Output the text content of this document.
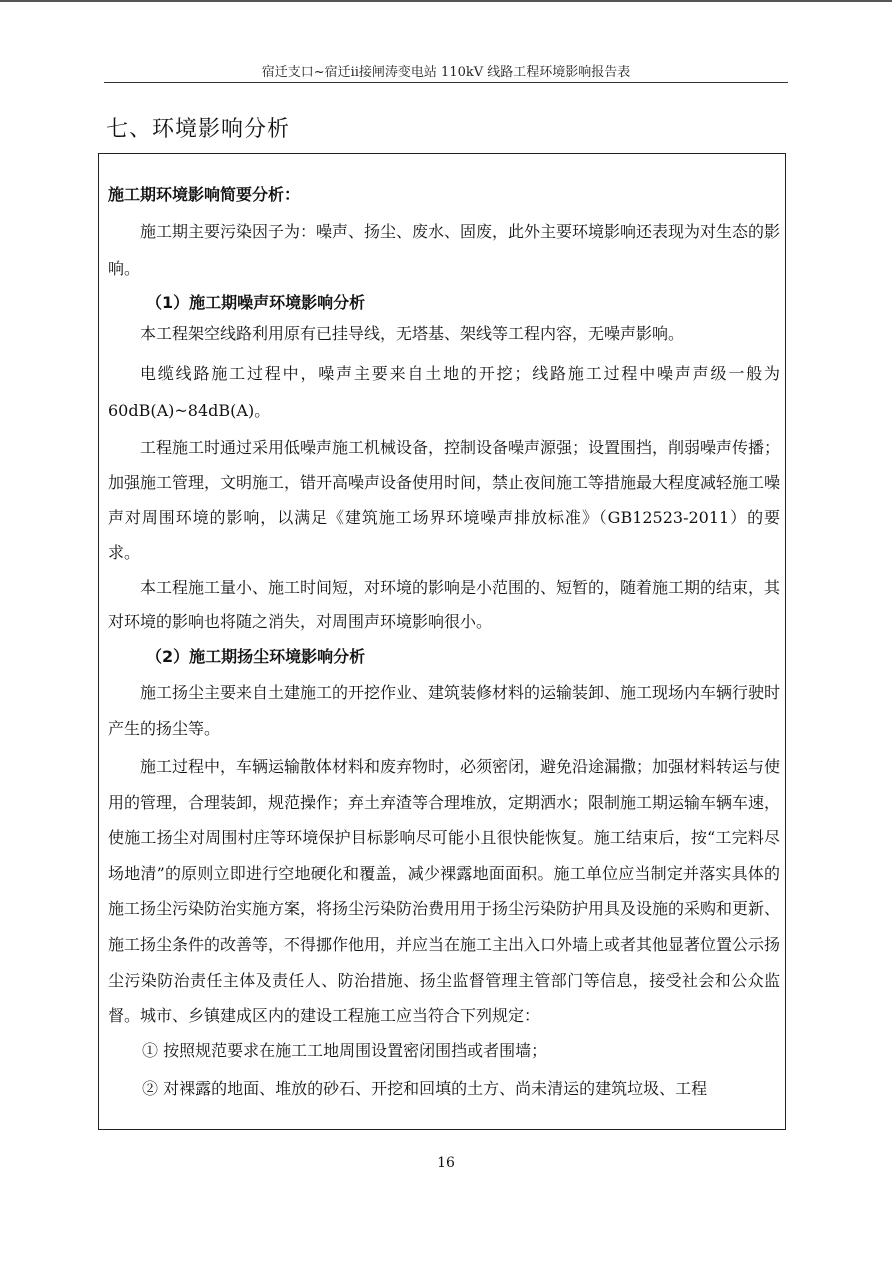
宿迁支口~宿迁ⅱ接闸涛变电站 110kV 线路工程环境影响报告表
七、环境影响分析
施工期环境影响简要分析：

施工期主要污染因子为：噪声、扬尘、废水、固废，此外主要环境影响还表现为对生态的影响。

（1）施工期噪声环境影响分析

本工程架空线路利用原有已挂导线，无塔基、架线等工程内容，无噪声影响。

电缆线路施工过程中，噪声主要来自土地的开挖；线路施工过程中噪声声级一般为 60dB(A)~84dB(A)。

工程施工时通过采用低噪声施工机械设备，控制设备噪声源强；设置围挡，削弱噪声传播；加强施工管理，文明施工，错开高噪声设备使用时间，禁止夜间施工等措施最大程度减轻施工噪声对周围环境的影响，以满足《建筑施工场界环境噪声排放标准》（GB12523-2011）的要求。

本工程施工量小、施工时间短，对环境的影响是小范围的、短暂的，随着施工期的结束，其对环境的影响也将随之消失，对周围声环境影响很小。

（2）施工期扬尘环境影响分析

施工扬尘主要来自土建施工的开挖作业、建筑装修材料的运输装卸、施工现场内车辆行驶时产生的扬尘等。

施工过程中，车辆运输散体材料和废弃物时，必须密闭，避免沿途漏撒；加强材料转运与使用的管理，合理装卸，规范操作；弃土弃渣等合理堆放，定期洒水；限制施工期运输车辆车速，使施工扬尘对周围村庄等环境保护目标影响尽可能小且很快能恢复。施工结束后，按“工完料尽场地清”的原则立即进行空地硬化和覆盖，减少裸露地面面积。施工单位应当制定并落实具体的施工扬尘污染防治实施方案，将扬尘污染防治费用用于扬尘污染防护用具及设施的采购和更新、施工扬尘条件的改善等，不得挪作他用，并应当在施工主出入口外墙上或者其他显著位置公示扬尘污染防治责任主体及责任人、防治措施、扬尘监督管理主管部门等信息，接受社会和公众监督。城市、乡镇建成区内的建设工程施工应当符合下列规定：

① 按照规范要求在施工工地周围设置密闭围挡或者围墙；
② 对裸露的地面、堆放的砂石、开挖和回填的土方、尚未清运的建筑垃圾、工程
16
